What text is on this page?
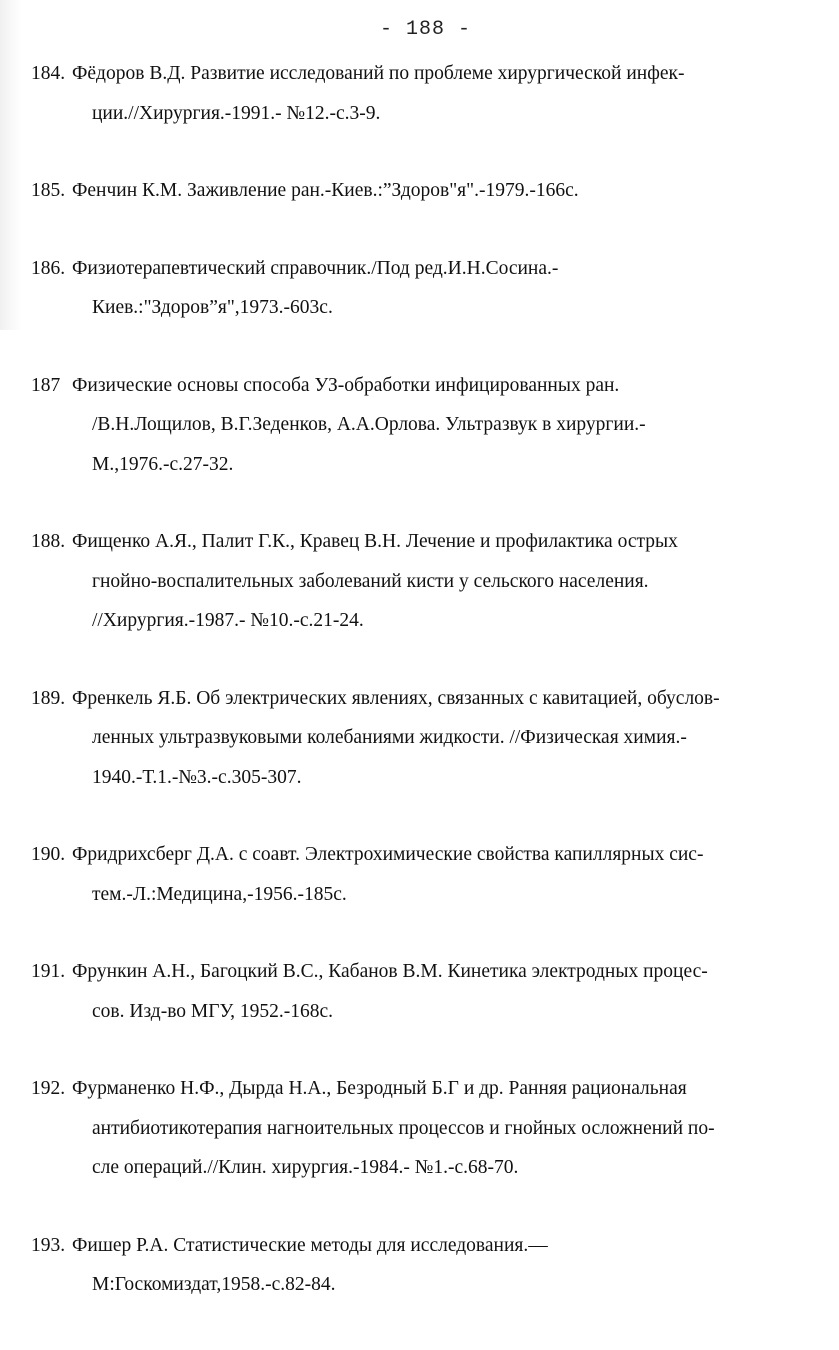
- 188 -
184. Фёдоров В.Д. Развитие исследований по проблеме хирургической инфек-
ции.//Хирургия.-1991.- №12.-с.3-9.
185. Фенчин К.М. Заживление ран.-Киев.:”Здоров"я".-1979.-166с.
186. Физиотерапевтический справочник./Под ред.И.Н.Сосина.-
Киев.:"Здоров”я",1973.-603с.
187 Физические основы способа УЗ-обработки инфицированных ран.
/В.Н.Лощилов, В.Г.Зеденков, А.А.Орлова. Ультразвук в хирургии.-
М.,1976.-с.27-32.
188. Фищенко А.Я., Палит Г.К., Кравец В.Н. Лечение и профилактика острых
гнойно-воспалительных заболеваний кисти у сельского населения.
//Хирургия.-1987.- №10.-с.21-24.
189. Френкель Я.Б. Об электрических явлениях, связанных с кавитацией, обуслов-
ленных ультразвуковыми колебаниями жидкости. //Физическая химия.-
1940.-Т.1.-№3.-с.305-307.
190. Фридрихсберг Д.А. с соавт. Электрохимические свойства капиллярных сис-
тем.-Л.:Медицина,-1956.-185с.
191. Фрункин А.Н., Багоцкий В.С., Кабанов В.М. Кинетика электродных процес-
сов. Изд-во МГУ, 1952.-168с.
192. Фурманенко Н.Ф., Дырда Н.А., Безродный Б.Г и др. Ранняя рациональная
антибиотикотерапия нагноительных процессов и гнойных осложнений по-
сле операций.//Клин. хирургия.-1984.- №1.-с.68-70.
193. Фишер Р.А. Статистические методы для исследования.—
М:Госкомиздат,1958.-с.82-84.
